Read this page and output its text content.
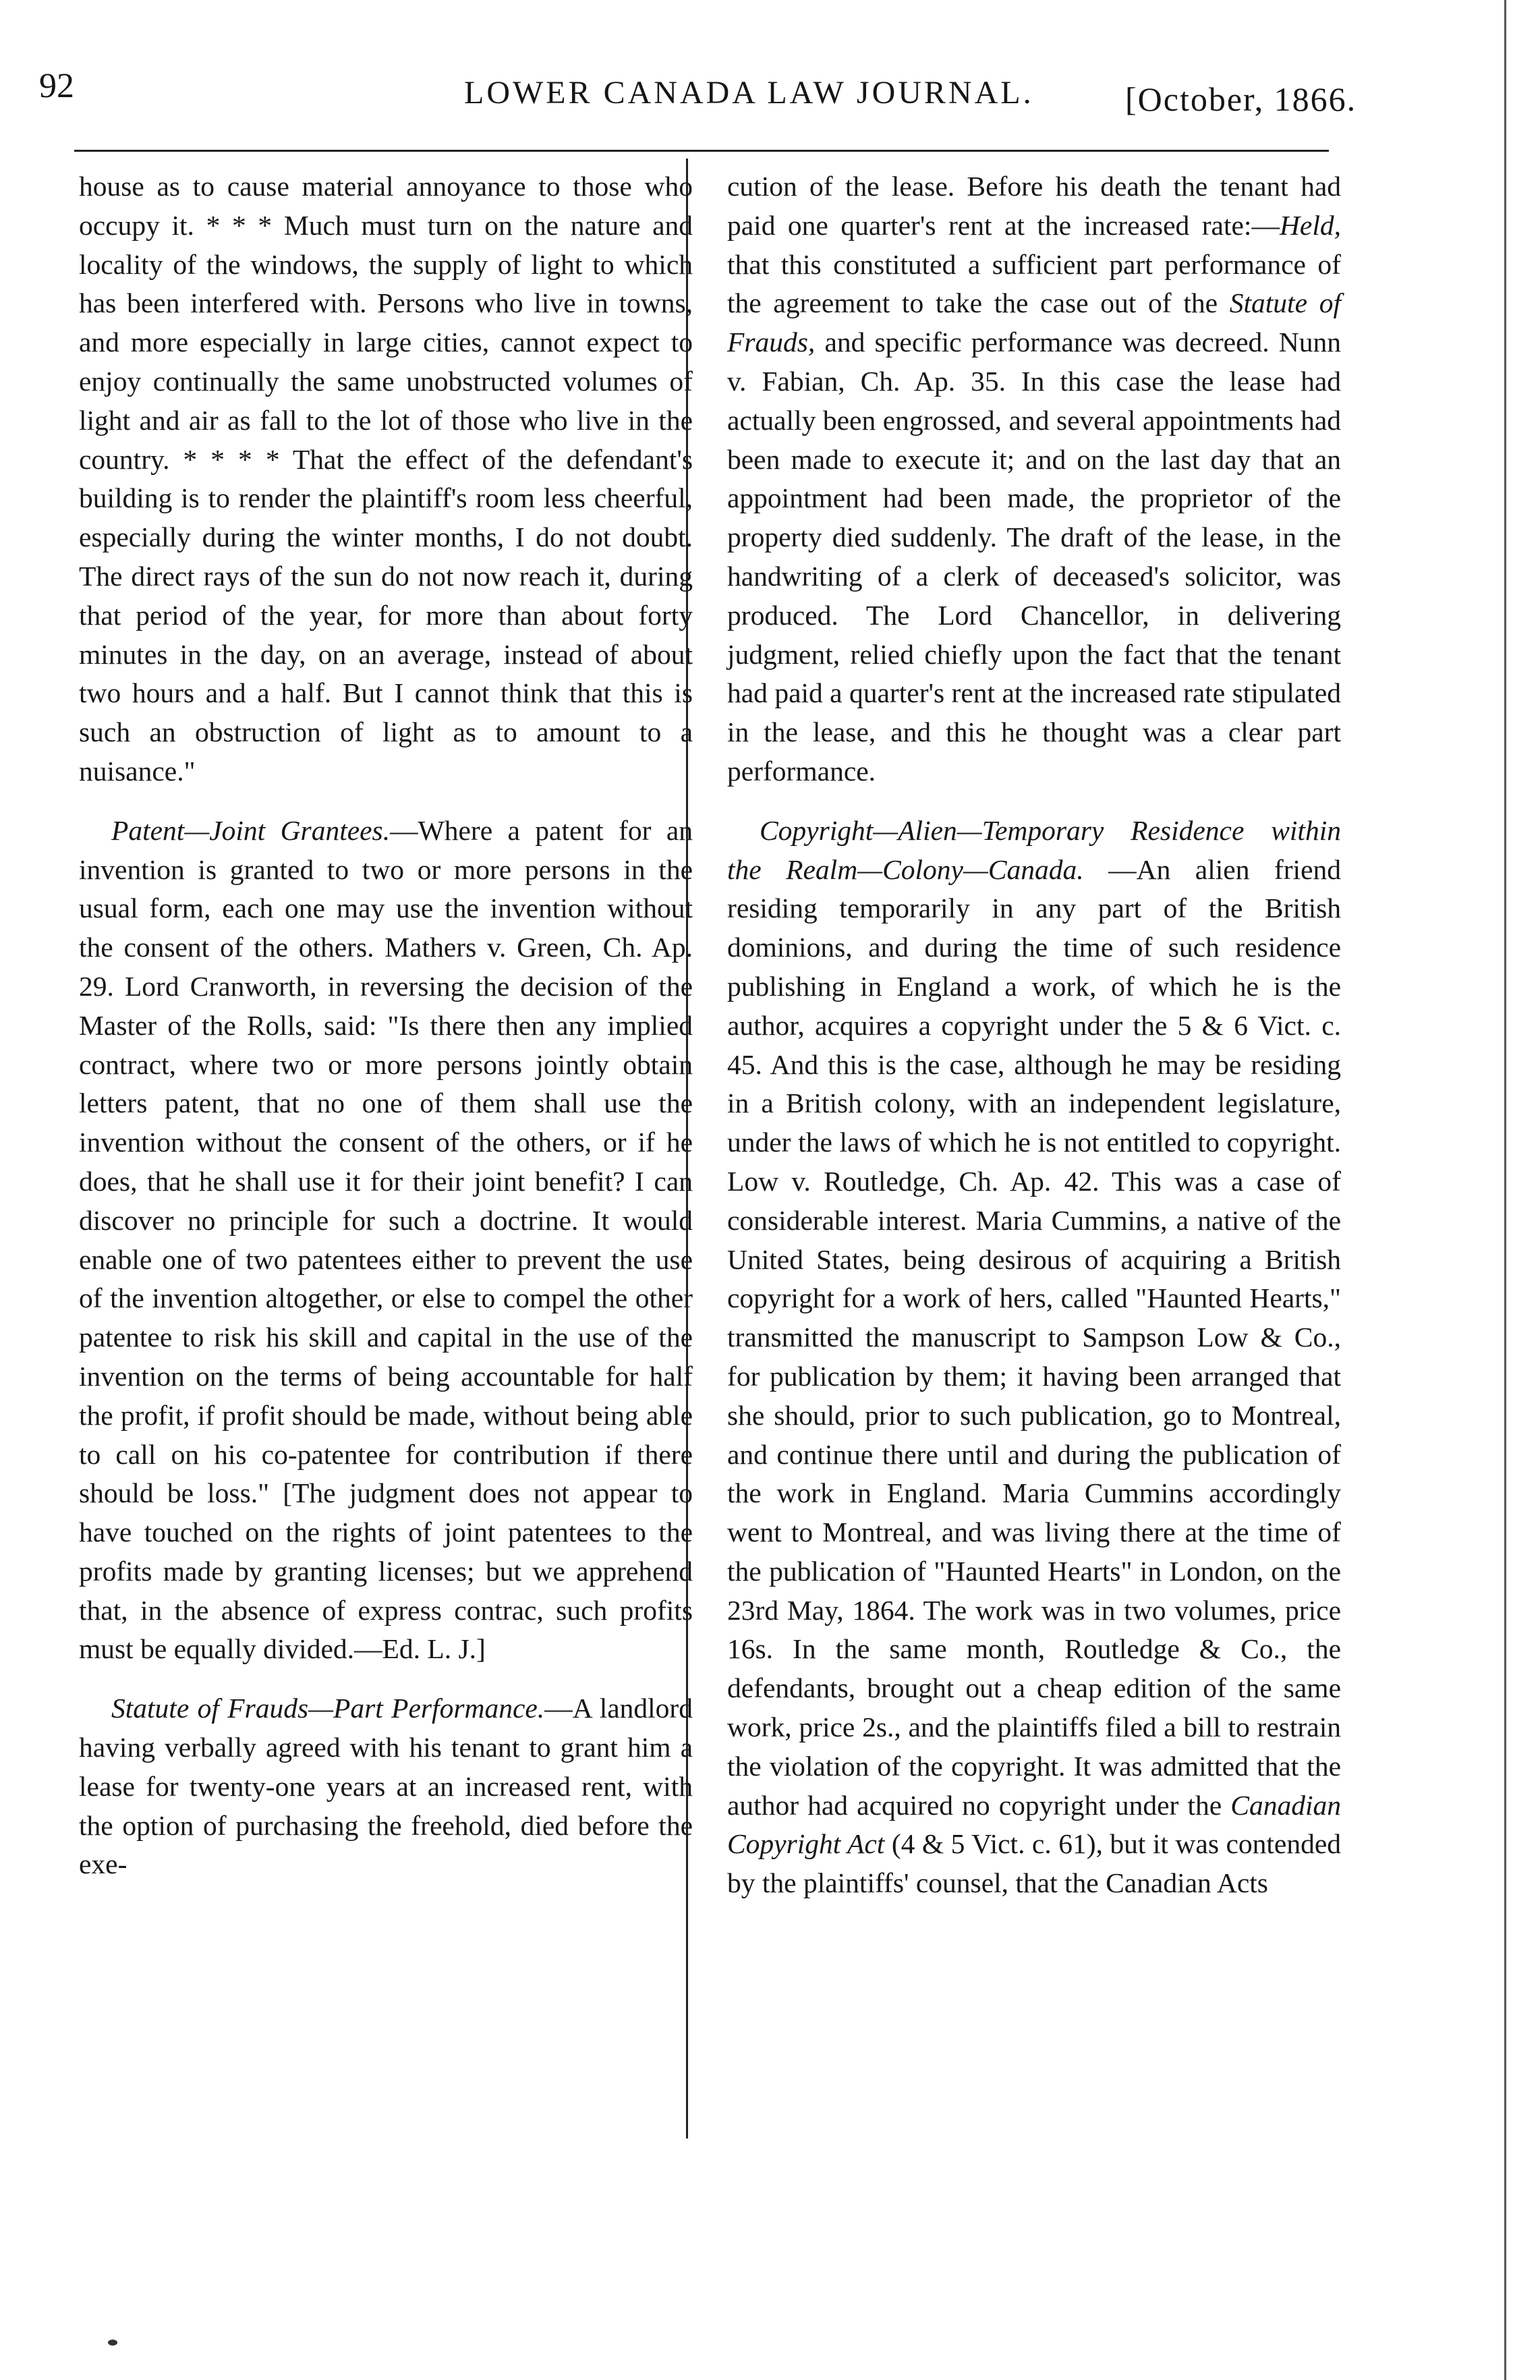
92	LOWER CANADA LAW JOURNAL.	[October, 1866.

house as to cause material annoyance to those who occupy it. * * * Much must turn on the nature and locality of the windows, the supply of light to which has been interfered with. Persons who live in towns, and more especially in large cities, cannot expect to enjoy continually the same unobstructed volumes of light and air as fall to the lot of those who live in the country. * * * * That the effect of the defendant's building is to render the plaintiff's room less cheerful, especially during the winter months, I do not doubt. The direct rays of the sun do not now reach it, during that period of the year, for more than about forty minutes in the day, on an average, instead of about two hours and a half. But I cannot think that this is such an obstruction of light as to amount to a nuisance."

Patent—Joint Grantees.—Where a patent for an invention is granted to two or more persons in the usual form, each one may use the invention without the consent of the others. Mathers v. Green, Ch. Ap. 29. Lord Cranworth, in reversing the decision of the Master of the Rolls, said: "Is there then any implied contract, where two or more persons jointly obtain letters patent, that no one of them shall use the invention without the consent of the others, or if he does, that he shall use it for their joint benefit? I can discover no principle for such a doctrine. It would enable one of two patentees either to prevent the use of the invention altogether, or else to compel the other patentee to risk his skill and capital in the use of the invention on the terms of being accountable for half the profit, if profit should be made, without being able to call on his co-patentee for contribution if there should be loss." [The judgment does not appear to have touched on the rights of joint patentees to the profits made by granting licenses; but we apprehend that, in the absence of express contrac, such profits must be equally divided.—Ed. L. J.]

Statute of Frauds—Part Performance.—A landlord having verbally agreed with his tenant to grant him a lease for twenty-one years at an increased rent, with the option of purchasing the freehold, died before the exe-

cution of the lease. Before his death the tenant had paid one quarter's rent at the increased rate:—Held, that this constituted a sufficient part performance of the agreement to take the case out of the Statute of Frauds, and specific performance was decreed. Nunn v. Fabian, Ch. Ap. 35. In this case the lease had actually been engrossed, and several appointments had been made to execute it; and on the last day that an appointment had been made, the proprietor of the property died suddenly. The draft of the lease, in the handwriting of a clerk of deceased's solicitor, was produced. The Lord Chancellor, in delivering judgment, relied chiefly upon the fact that the tenant had paid a quarter's rent at the increased rate stipulated in the lease, and this he thought was a clear part performance.

Copyright—Alien—Temporary Residence within the Realm—Colony—Canada. —An alien friend residing temporarily in any part of the British dominions, and during the time of such residence publishing in England a work, of which he is the author, acquires a copyright under the 5 & 6 Vict. c. 45. And this is the case, although he may be residing in a British colony, with an independent legislature, under the laws of which he is not entitled to copyright. Low v. Routledge, Ch. Ap. 42. This was a case of considerable interest. Maria Cummins, a native of the United States, being desirous of acquiring a British copyright for a work of hers, called "Haunted Hearts," transmitted the manuscript to Sampson Low & Co., for publication by them; it having been arranged that she should, prior to such publication, go to Montreal, and continue there until and during the publication of the work in England. Maria Cummins accordingly went to Montreal, and was living there at the time of the publication of "Haunted Hearts" in London, on the 23rd May, 1864. The work was in two volumes, price 16s. In the same month, Routledge & Co., the defendants, brought out a cheap edition of the same work, price 2s., and the plaintiffs filed a bill to restrain the violation of the copyright. It was admitted that the author had acquired no copyright under the Canadian Copyright Act (4 & 5 Vict. c. 61), but it was contended by the plaintiffs' counsel, that the Canadian Acts
